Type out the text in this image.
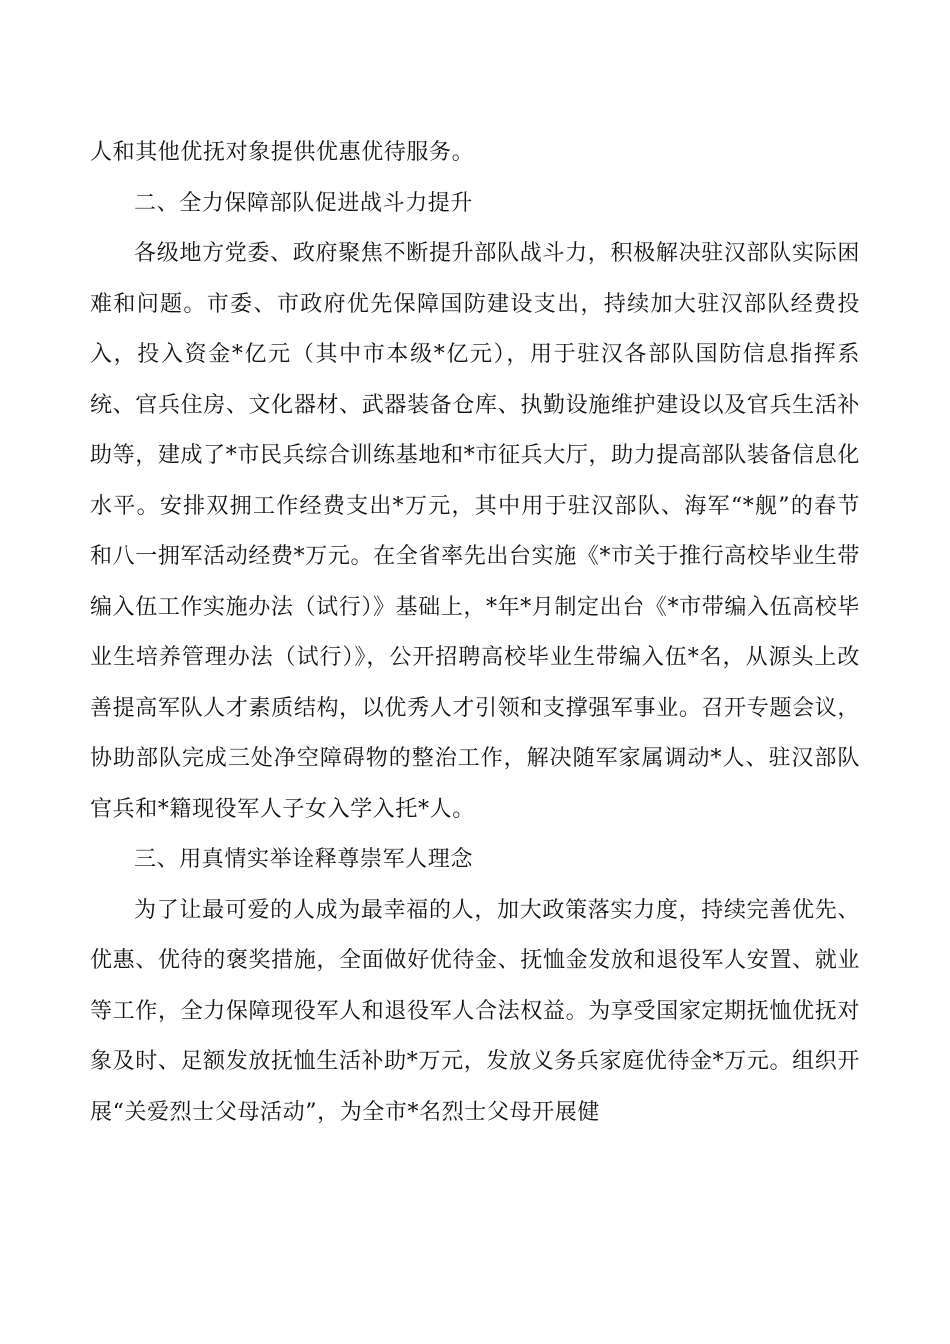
人和其他优抚对象提供优惠优待服务。

二、全力保障部队促进战斗力提升

各级地方党委、政府聚焦不断提升部队战斗力，积极解决驻汉部队实际困难和问题。市委、市政府优先保障国防建设支出，持续加大驻汉部队经费投入，投入资金*亿元（其中市本级*亿元），用于驻汉各部队国防信息指挥系统、官兵住房、文化器材、武器装备仓库、执勤设施维护建设以及官兵生活补助等，建成了*市民兵综合训练基地和*市征兵大厅，助力提高部队装备信息化水平。安排双拥工作经费支出*万元，其中用于驻汉部队、海军“*舰”的春节和八一拥军活动经费*万元。在全省率先出台实施《*市关于推行高校毕业生带编入伍工作实施办法（试行）》基础上，*年*月制定出台《*市带编入伍高校毕业生培养管理办法（试行）》，公开招聘高校毕业生带编入伍*名，从源头上改善提高军队人才素质结构，以优秀人才引领和支撑强军事业。召开专题会议，协助部队完成三处净空障碍物的整治工作，解决随军家属调动*人、驻汉部队官兵和*籍现役军人子女入学入托*人。

三、用真情实举诠释尊崇军人理念

为了让最可爱的人成为最幸福的人，加大政策落实力度，持续完善优先、优惠、优待的褒奖措施，全面做好优待金、抚恤金发放和退役军人安置、就业等工作，全力保障现役军人和退役军人合法权益。为享受国家定期抚恤优抚对象及时、足额发放抚恤生活补助*万元，发放义务兵家庭优待金*万元。组织开展“关爱烈士父母活动”，为全市*名烈士父母开展健
